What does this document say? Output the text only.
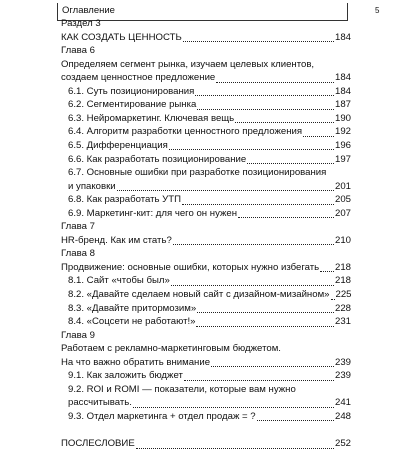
Оглавление	5
Раздел 3
КАК СОЗДАТЬ ЦЕННОСТЬ	184
Глава 6
Определяем сегмент рынка, изучаем целевых клиентов,
создаем ценностное предложение	184
6.1. Суть позиционирования	184
6.2. Сегментирование рынка	187
6.3. Нейромаркетинг. Ключевая вещь	190
6.4. Алгоритм разработки ценностного предложения	192
6.5. Дифференциация	196
6.6. Как разработать позиционирование	197
6.7. Основные ошибки при разработке позиционирования
и упаковки	201
6.8. Как разработать УТП	205
6.9. Маркетинг-кит: для чего он нужен	207
Глава 7
HR-бренд. Как им стать?	210
Глава 8
Продвижение: основные ошибки, которых нужно избегать 218
8.1. Сайт «чтобы был»	218
8.2. «Давайте сделаем новый сайт с дизайном-мизайном» 225
8.3. «Давайте притормозим»	228
8.4. «Соцсети не работают!»	231
Глава 9
Работаем с рекламно-маркетинговым бюджетом.
На что важно обратить внимание	239
9.1. Как заложить бюджет	239
9.2. ROI и ROMI — показатели, которые вам нужно
рассчитывать.	241
9.3. Отдел маркетинга + отдел продаж = ?	248
ПОСЛЕСЛОВИЕ	252
